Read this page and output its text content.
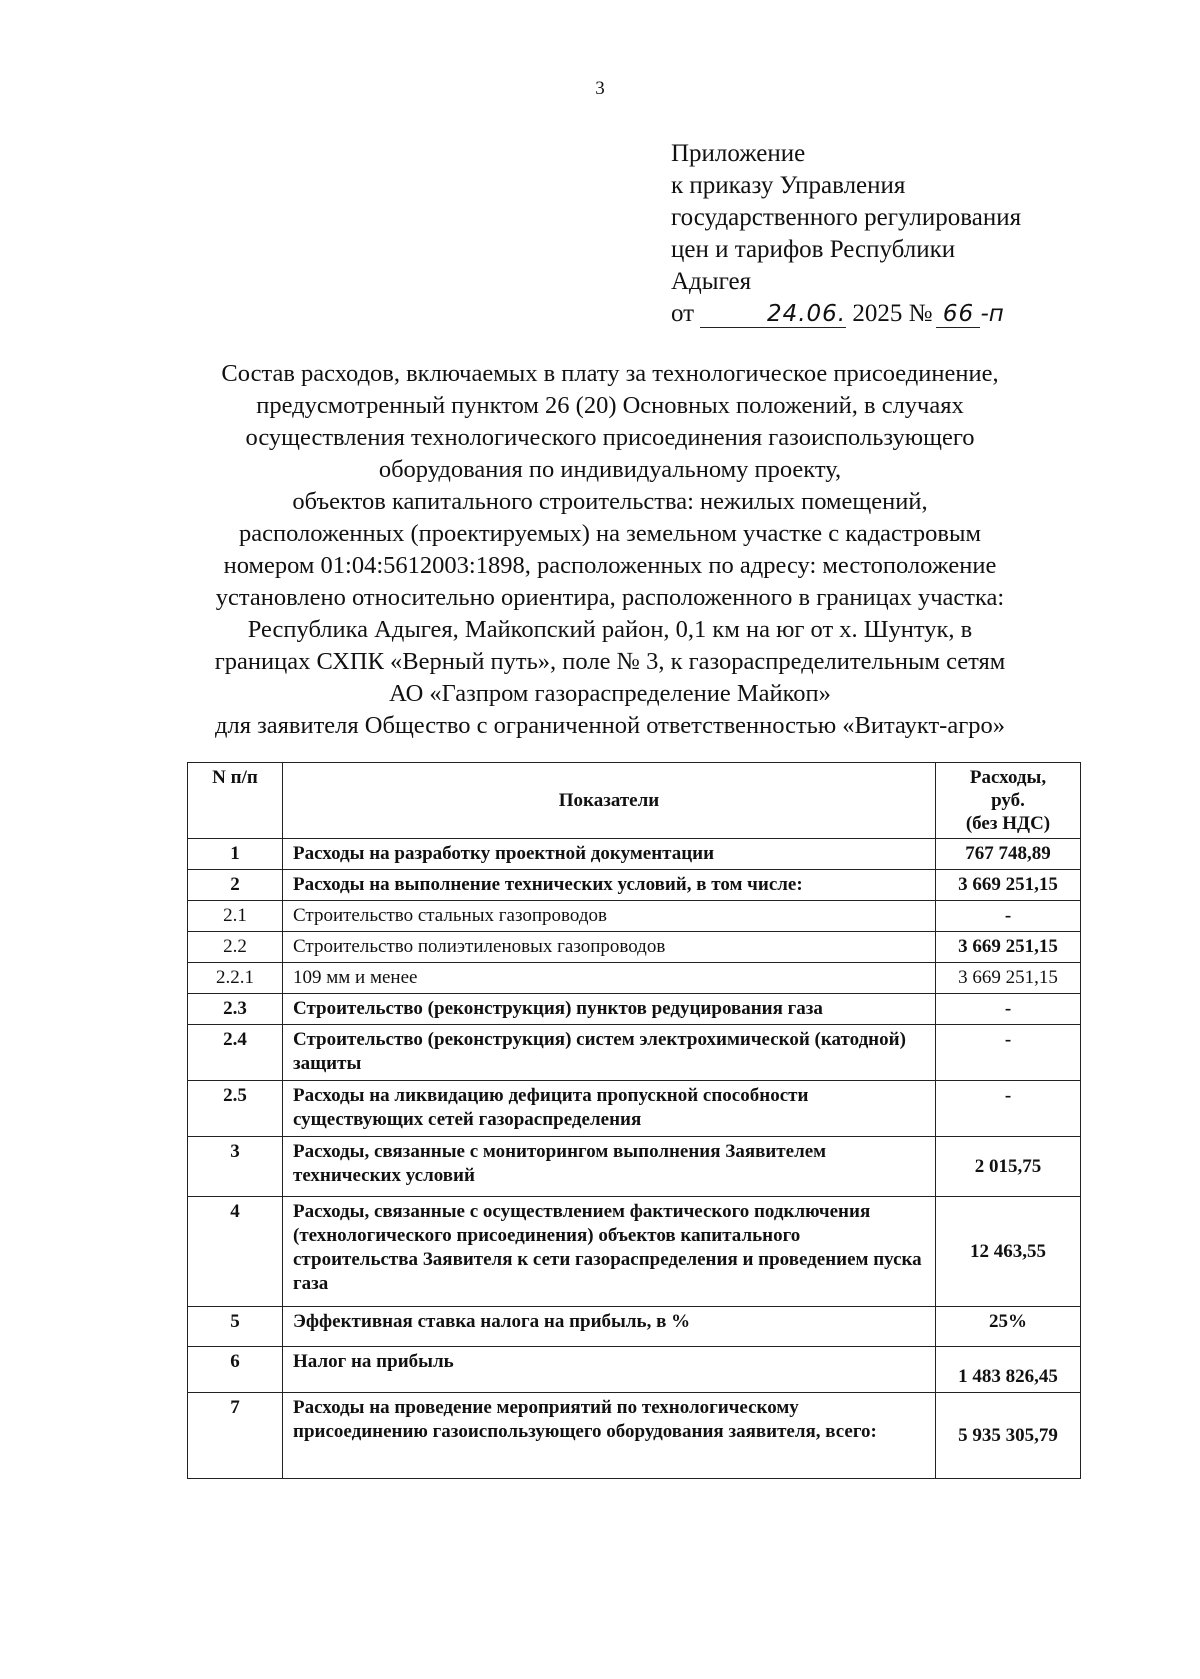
3
Приложение
к приказу Управления
государственного регулирования
цен и тарифов Республики
Адыгея
от	24.06. 2025 № 66 -п
Состав расходов, включаемых в плату за технологическое присоединение,
предусмотренный пунктом 26 (20) Основных положений, в случаях
осуществления технологического присоединения газоиспользующего
оборудования по индивидуальному проекту,
объектов капитального строительства: нежилых помещений,
расположенных (проектируемых) на земельном участке с кадастровым
номером 01:04:5612003:1898, расположенных по адресу: местоположение
установлено относительно ориентира, расположенного в границах участка:
Республика Адыгея, Майкопский район, 0,1 км на юг от х. Шунтук, в
границах СХПК «Верный путь», поле № 3, к газораспределительным сетям
АО «Газпром газораспределение Майкоп»
для заявителя Общество с ограниченной ответственностью «Витаукт-агро»
N п/п	Показатели	Расходы,
руб.
(без НДС)

1	Расходы на разработку проектной документации	767 748,89
2	Расходы на выполнение технических условий, в том числе:	3 669 251,15
2.1	Строительство стальных газопроводов	-
2.2	Строительство полиэтиленовых газопроводов	3 669 251,15
2.2.1	109 мм и менее	3 669 251,15
2.3	Строительство (реконструкция) пунктов редуцирования газа	-
2.4	Строительство (реконструкция) систем электрохимической (катодной) защиты	-
2.5	Расходы на ликвидацию дефицита пропускной способности существующих сетей газораспределения	-
3	Расходы, связанные с мониторингом выполнения Заявителем технических условий	2 015,75
4	Расходы, связанные с осуществлением фактического подключения (технологического присоединения) объектов капитального строительства Заявителя к сети газораспределения и проведением пуска газа	12 463,55
5	Эффективная ставка налога на прибыль, в %	25%
6	Налог на прибыль	1 483 826,45
7	Расходы на проведение мероприятий по технологическому присоединению газоиспользующего оборудования заявителя, всего:	5 935 305,79
